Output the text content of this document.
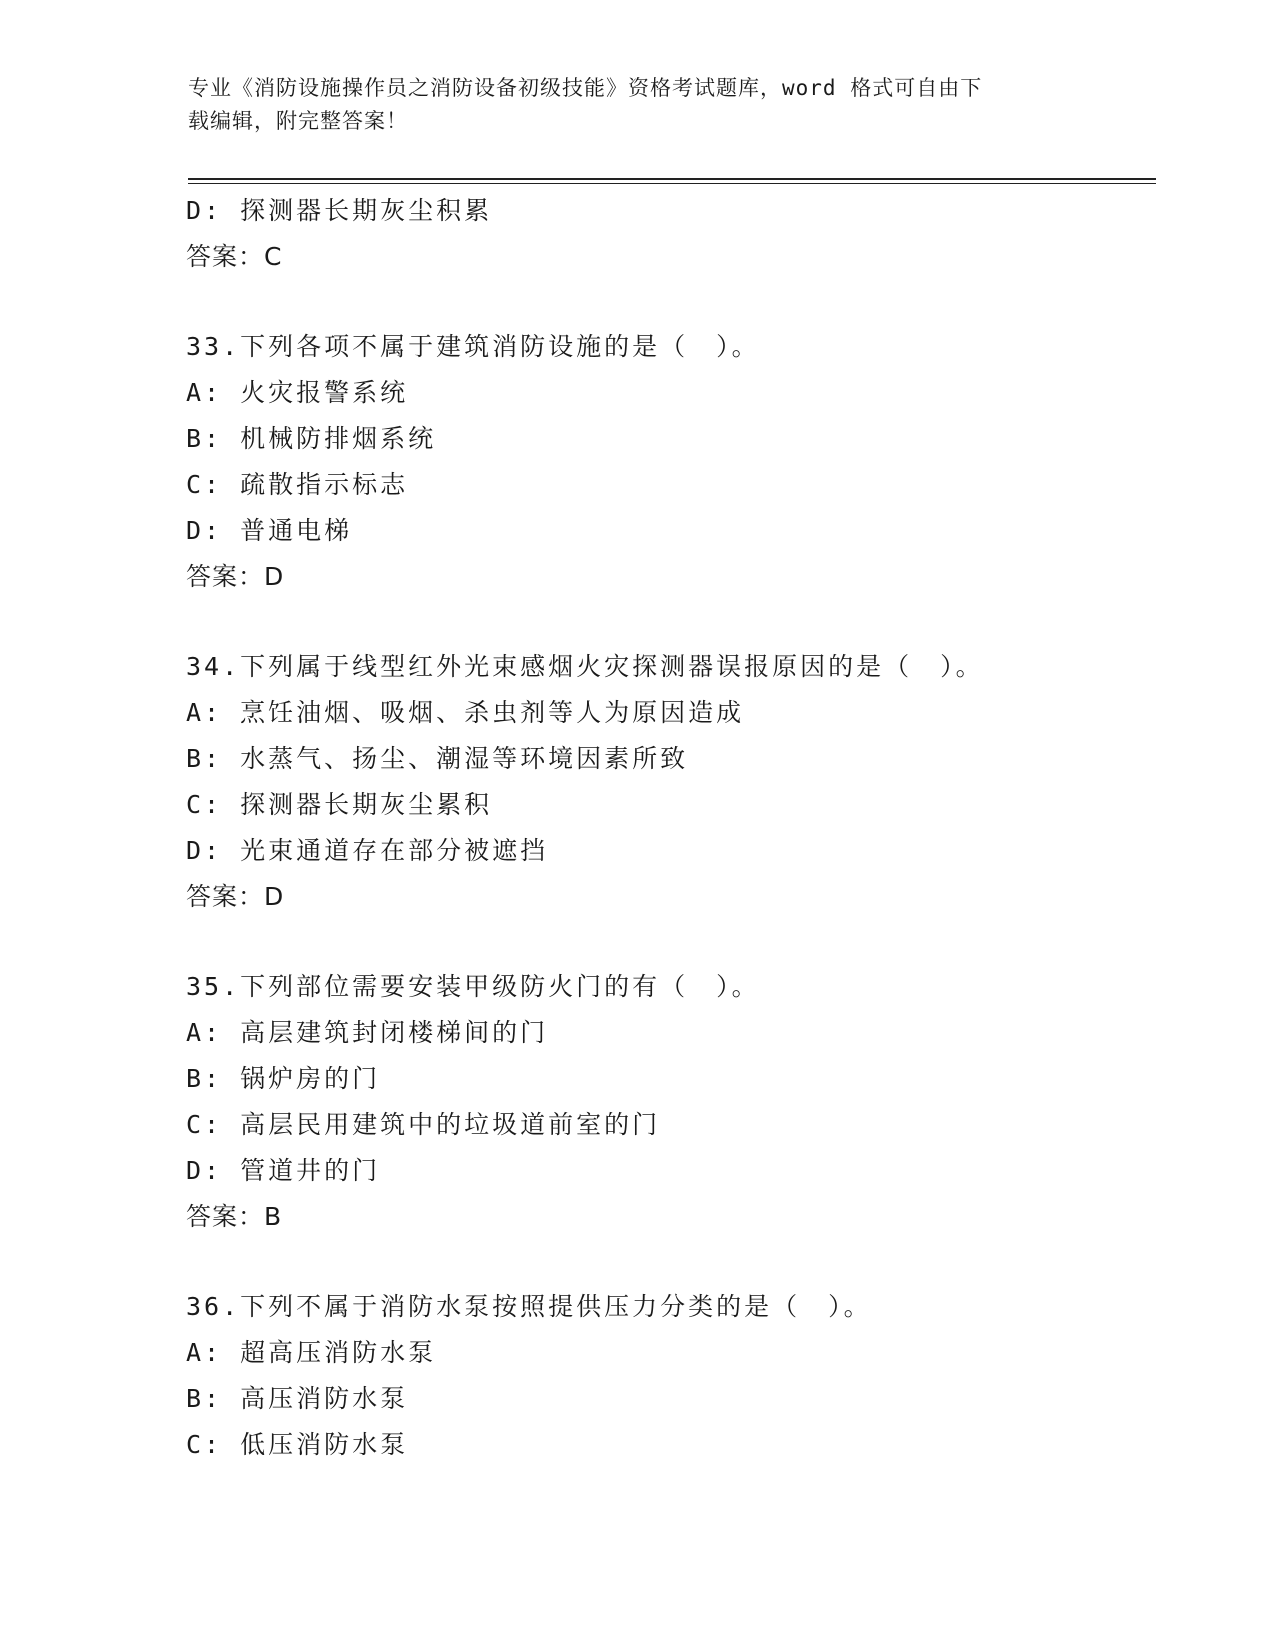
专业《消防设施操作员之消防设备初级技能》资格考试题库，word 格式可自由下
载编辑，附完整答案！
D: 探测器长期灰尘积累
答案：C
33.下列各项不属于建筑消防设施的是（　）。
A: 火灾报警系统
B: 机械防排烟系统
C: 疏散指示标志
D: 普通电梯
答案：D
34.下列属于线型红外光束感烟火灾探测器误报原因的是（　）。
A: 烹饪油烟、吸烟、杀虫剂等人为原因造成
B: 水蒸气、扬尘、潮湿等环境因素所致
C: 探测器长期灰尘累积
D: 光束通道存在部分被遮挡
答案：D
35.下列部位需要安装甲级防火门的有（　）。
A: 高层建筑封闭楼梯间的门
B: 锅炉房的门
C: 高层民用建筑中的垃圾道前室的门
D: 管道井的门
答案：B
36.下列不属于消防水泵按照提供压力分类的是（　）。
A: 超高压消防水泵
B: 高压消防水泵
C: 低压消防水泵
